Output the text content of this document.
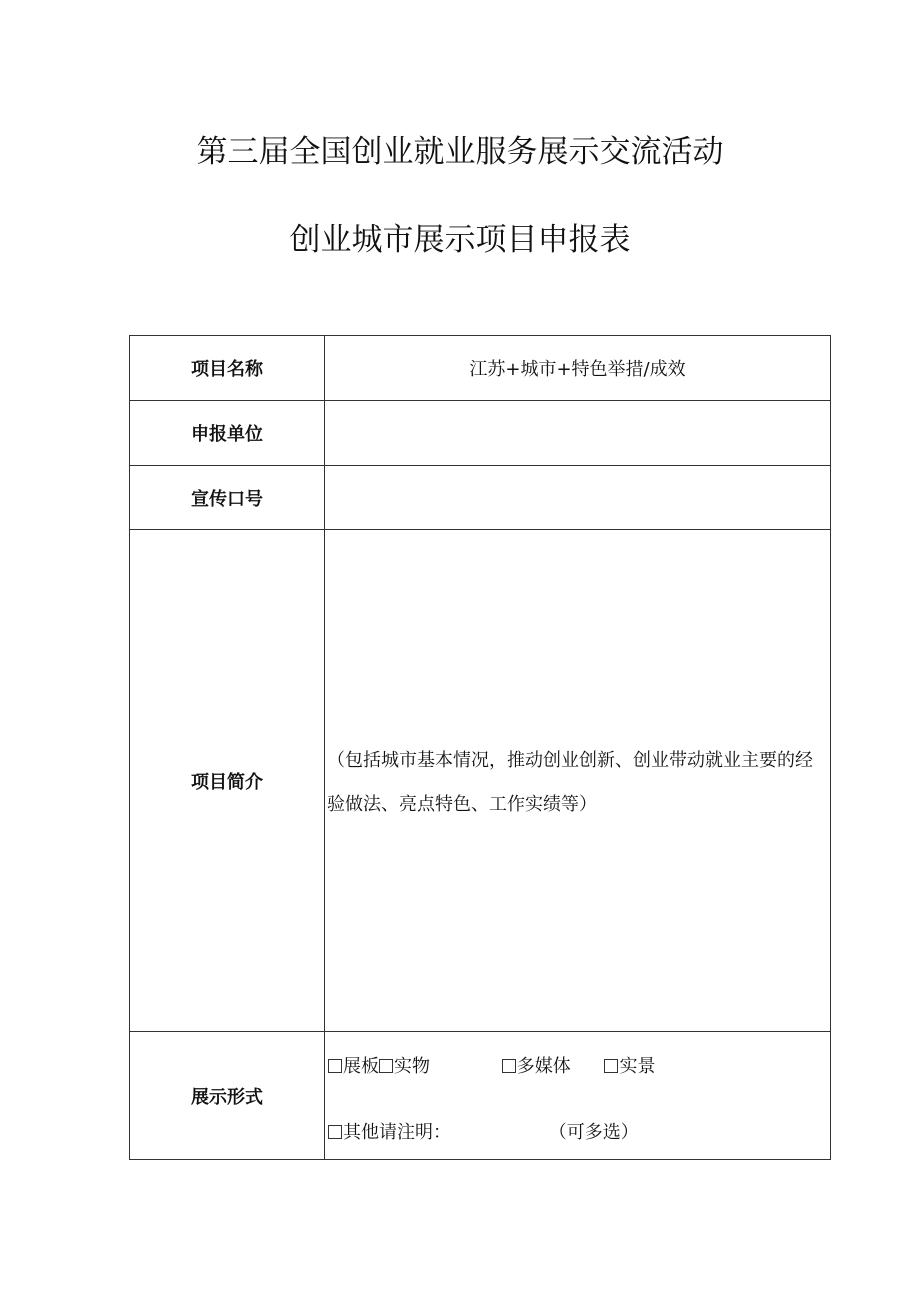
第三届全国创业就业服务展示交流活动
创业城市展示项目申报表
项目名称	江苏+城市+特色举措/成效
申报单位	
宣传口号	
项目简介	（包括城市基本情况，推动创业创新、创业带动就业主要的经验做法、亮点特色、工作实绩等）

展示形式	展板 实物 多媒体 实景
其他请注明： （可多选）
